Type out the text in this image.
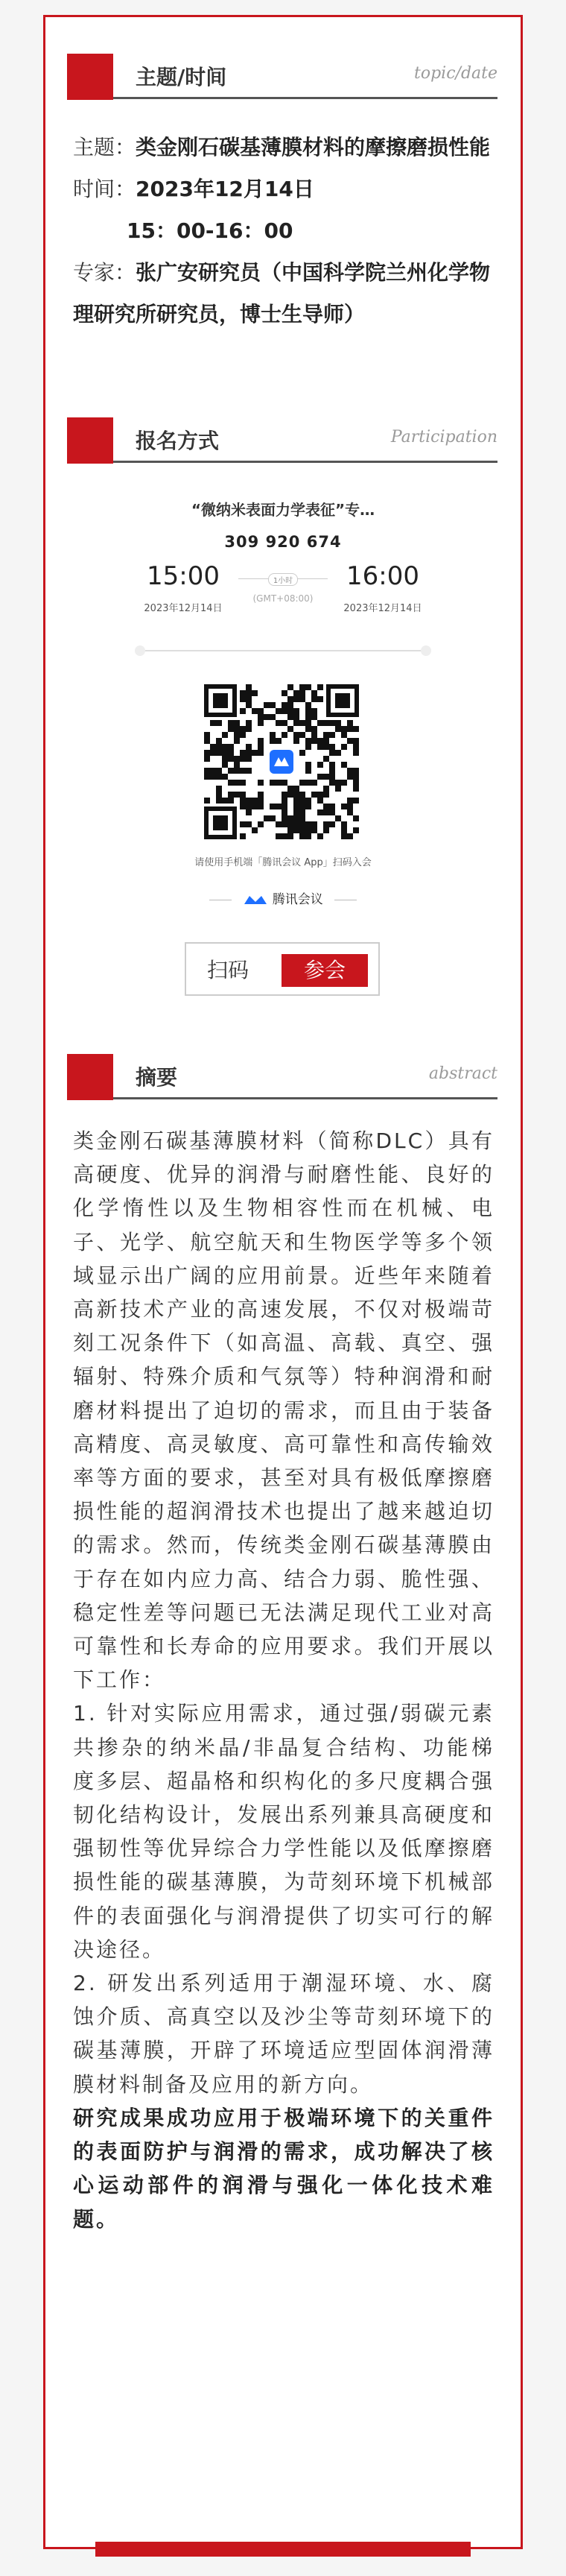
主题/时间	topic/date
主题：类金刚石碳基薄膜材料的摩擦磨损性能
时间：2023年12月14日
15：00-16：00
专家：张广安研究员（中国科学院兰州化学物理研究所研究员，博士生导师）
报名方式	Participation
“微纳米表面力学表征”专…
309 920 674
15:00
2023年12月14日
1小时
(GMT+08:00)
16:00
2023年12月14日
请使用手机端「腾讯会议 App」扫码入会
腾讯会议
扫码	参会
摘要	abstract

类金刚石碳基薄膜材料（简称DLC）具有高硬度、优异的润滑与耐磨性能、良好的化学惰性以及生物相容性而在机械、电子、光学、航空航天和生物医学等多个领域显示出广阔的应用前景。近些年来随着高新技术产业的高速发展，不仅对极端苛刻工况条件下（如高温、高载、真空、强辐射、特殊介质和气氛等）特种润滑和耐磨材料提出了迫切的需求，而且由于装备高精度、高灵敏度、高可靠性和高传输效率等方面的要求，甚至对具有极低摩擦磨损性能的超润滑技术也提出了越来越迫切的需求。然而，传统类金刚石碳基薄膜由于存在如内应力高、结合力弱、脆性强、稳定性差等问题已无法满足现代工业对高可靠性和长寿命的应用要求。我们开展以下工作：

1. 针对实际应用需求，通过强/弱碳元素共掺杂的纳米晶/非晶复合结构、功能梯度多层、超晶格和织构化的多尺度耦合强韧化结构设计，发展出系列兼具高硬度和强韧性等优异综合力学性能以及低摩擦磨损性能的碳基薄膜，为苛刻环境下机械部件的表面强化与润滑提供了切实可行的解决途径。

2. 研发出系列适用于潮湿环境、水、腐蚀介质、高真空以及沙尘等苛刻环境下的碳基薄膜，开辟了环境适应型固体润滑薄膜材料制备及应用的新方向。

研究成果成功应用于极端环境下的关重件的表面防护与润滑的需求，成功解决了核心运动部件的润滑与强化一体化技术难题。
